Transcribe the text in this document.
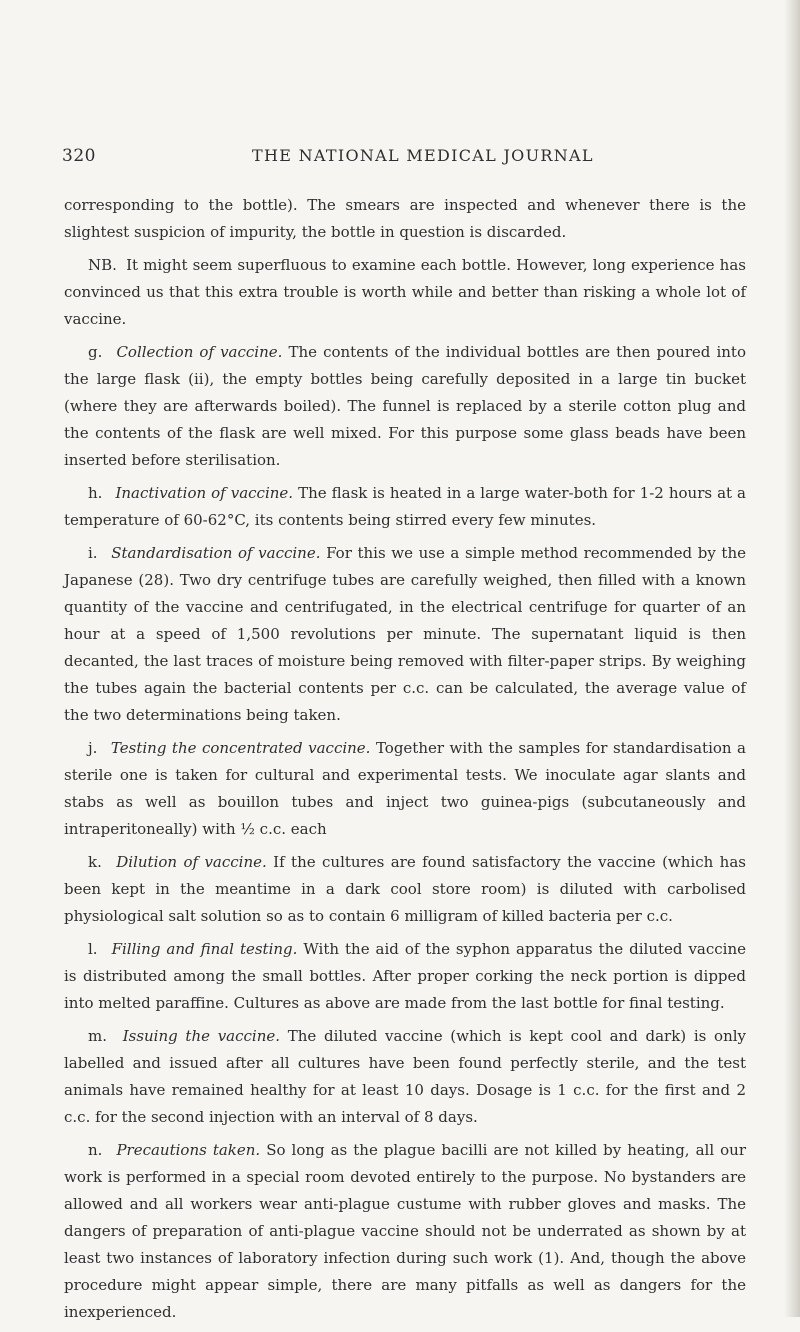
320	THE NATIONAL MEDICAL JOURNAL

corresponding to the bottle). The smears are inspected and whenever there is the slightest suspicion of impurity, the bottle in question is discarded.

NB. It might seem superfluous to examine each bottle. However, long experience has convinced us that this extra trouble is worth while and better than risking a whole lot of vaccine.

g. Collection of vaccine. The contents of the individual bottles are then poured into the large flask (ii), the empty bottles being carefully deposited in a large tin bucket (where they are afterwards boiled). The funnel is replaced by a sterile cotton plug and the contents of the flask are well mixed. For this purpose some glass beads have been inserted before sterilisation.

h. Inactivation of vaccine. The flask is heated in a large water-both for 1-2 hours at a temperature of 60-62°C, its contents being stirred every few minutes.

i. Standardisation of vaccine. For this we use a simple method recommended by the Japanese (28). Two dry centrifuge tubes are carefully weighed, then filled with a known quantity of the vaccine and centrifugated, in the electrical centrifuge for quarter of an hour at a speed of 1,500 revolutions per minute. The supernatant liquid is then decanted, the last traces of moisture being removed with filter-paper strips. By weighing the tubes again the bacterial contents per c.c. can be calculated, the average value of the two determinations being taken.

j. Testing the concentrated vaccine. Together with the samples for standardisation a sterile one is taken for cultural and experimental tests. We inoculate agar slants and stabs as well as bouillon tubes and inject two guinea-pigs (subcutaneously and intraperitoneally) with ½ c.c. each

k. Dilution of vaccine. If the cultures are found satisfactory the vaccine (which has been kept in the meantime in a dark cool store room) is diluted with carbolised physiological salt solution so as to contain 6 milligram of killed bacteria per c.c.

l. Filling and final testing. With the aid of the syphon apparatus the diluted vaccine is distributed among the small bottles. After proper corking the neck portion is dipped into melted paraffine. Cultures as above are made from the last bottle for final testing.

m. Issuing the vaccine. The diluted vaccine (which is kept cool and dark) is only labelled and issued after all cultures have been found perfectly sterile, and the test animals have remained healthy for at least 10 days. Dosage is 1 c.c. for the first and 2 c.c. for the second injection with an interval of 8 days.

n. Precautions taken. So long as the plague bacilli are not killed by heating, all our work is performed in a special room devoted entirely to the purpose. No bystanders are allowed and all workers wear anti-plague custume with rubber gloves and masks. The dangers of preparation of anti-plague vaccine should not be underrated as shown by at least two instances of laboratory infection during such work (1). And, though the above procedure might appear simple, there are many pitfalls as well as dangers for the inexperienced.
